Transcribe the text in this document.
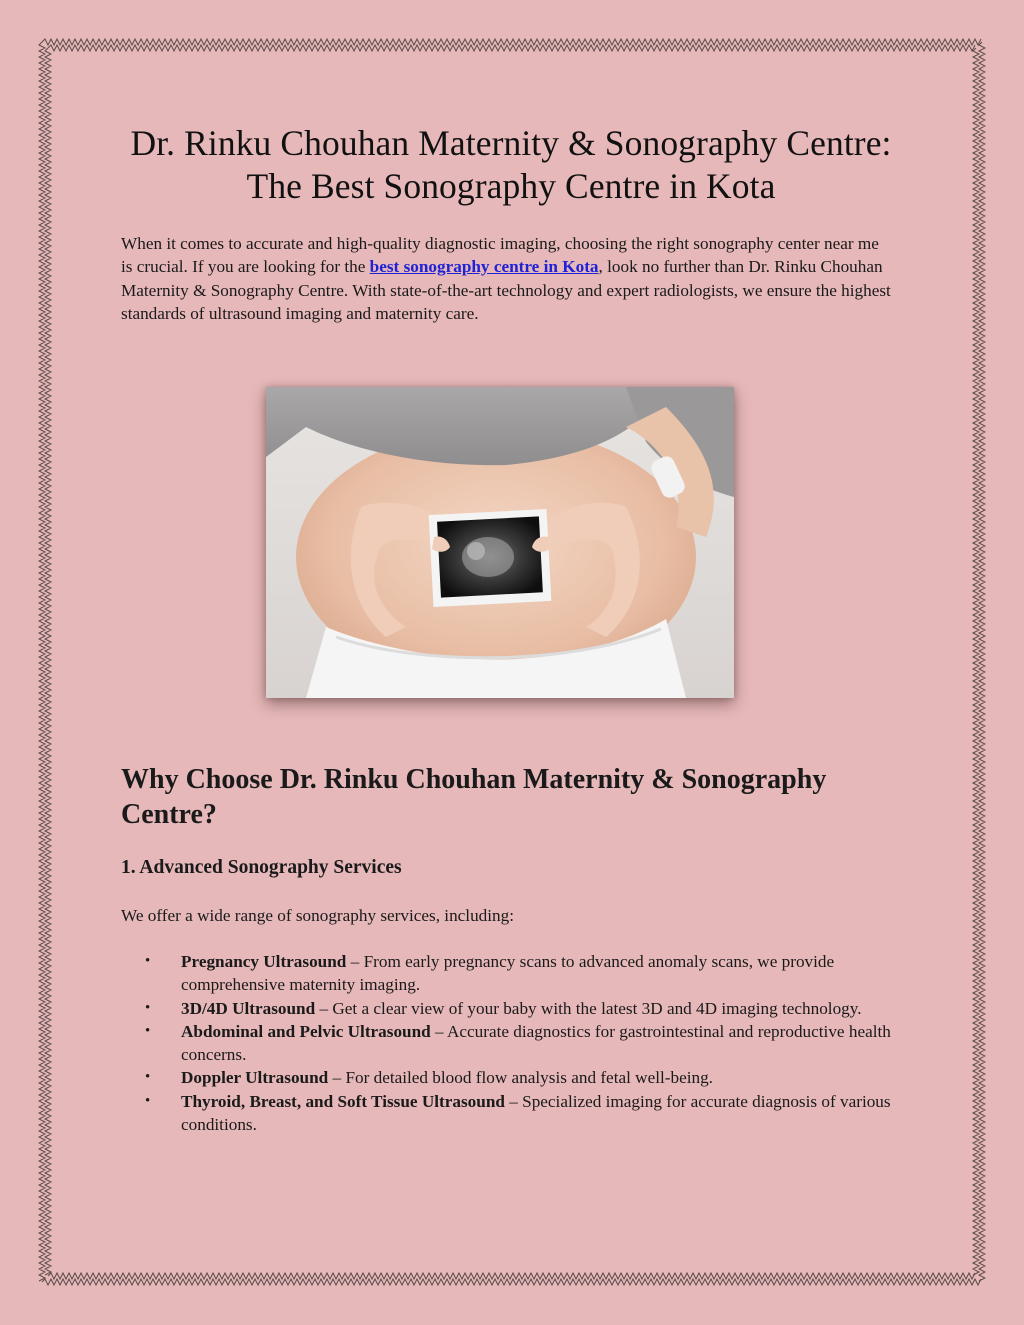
Dr. Rinku Chouhan Maternity & Sonography Centre: The Best Sonography Centre in Kota

When it comes to accurate and high-quality diagnostic imaging, choosing the right sonography center near me is crucial. If you are looking for the best sonography centre in Kota, look no further than Dr. Rinku Chouhan Maternity & Sonography Centre. With state-of-the-art technology and expert radiologists, we ensure the highest standards of ultrasound imaging and maternity care.

Why Choose Dr. Rinku Chouhan Maternity & Sonography Centre?
1. Advanced Sonography Services

We offer a wide range of sonography services, including:

• Pregnancy Ultrasound – From early pregnancy scans to advanced anomaly scans, we provide comprehensive maternity imaging.
• 3D/4D Ultrasound – Get a clear view of your baby with the latest 3D and 4D imaging technology.
• Abdominal and Pelvic Ultrasound – Accurate diagnostics for gastrointestinal and reproductive health concerns.
• Doppler Ultrasound – For detailed blood flow analysis and fetal well-being.
• Thyroid, Breast, and Soft Tissue Ultrasound – Specialized imaging for accurate diagnosis of various conditions.
